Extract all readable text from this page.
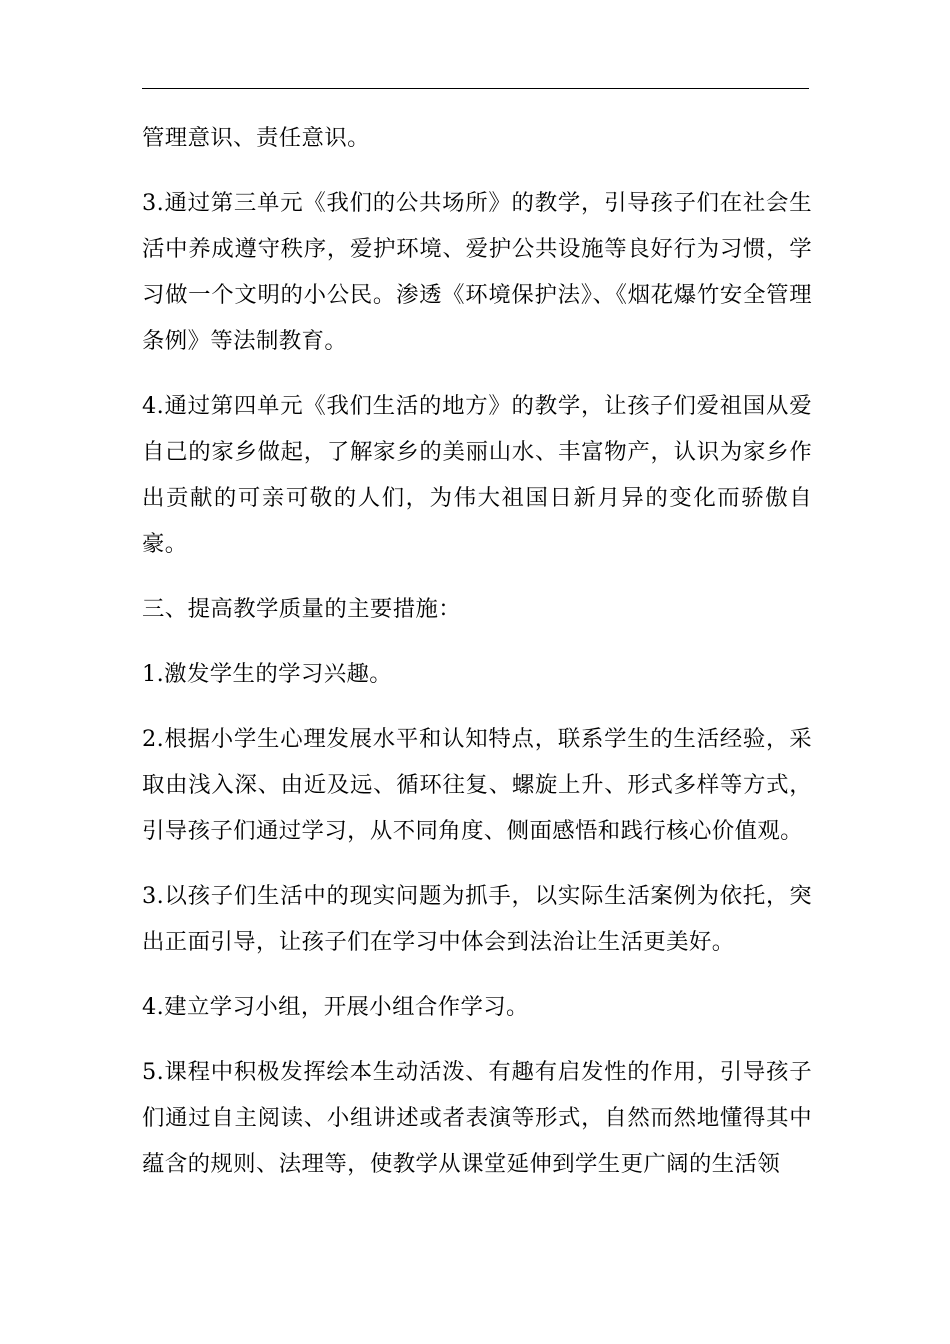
管理意识、责任意识。

3.通过第三单元《我们的公共场所》的教学，引导孩子们在社会生活中养成遵守秩序，爱护环境、爱护公共设施等良好行为习惯，学习做一个文明的小公民。渗透《环境保护法》、《烟花爆竹安全管理条例》等法制教育。

4.通过第四单元《我们生活的地方》的教学，让孩子们爱祖国从爱自己的家乡做起，了解家乡的美丽山水、丰富物产，认识为家乡作出贡献的可亲可敬的人们，为伟大祖国日新月异的变化而骄傲自豪。

三、提高教学质量的主要措施：

1.激发学生的学习兴趣。

2.根据小学生心理发展水平和认知特点，联系学生的生活经验，采取由浅入深、由近及远、循环往复、螺旋上升、形式多样等方式，引导孩子们通过学习，从不同角度、侧面感悟和践行核心价值观。

3.以孩子们生活中的现实问题为抓手，以实际生活案例为依托，突出正面引导，让孩子们在学习中体会到法治让生活更美好。

4.建立学习小组，开展小组合作学习。

5.课程中积极发挥绘本生动活泼、有趣有启发性的作用，引导孩子们通过自主阅读、小组讲述或者表演等形式，自然而然地懂得其中蕴含的规则、法理等，使教学从课堂延伸到学生更广阔的生活领
